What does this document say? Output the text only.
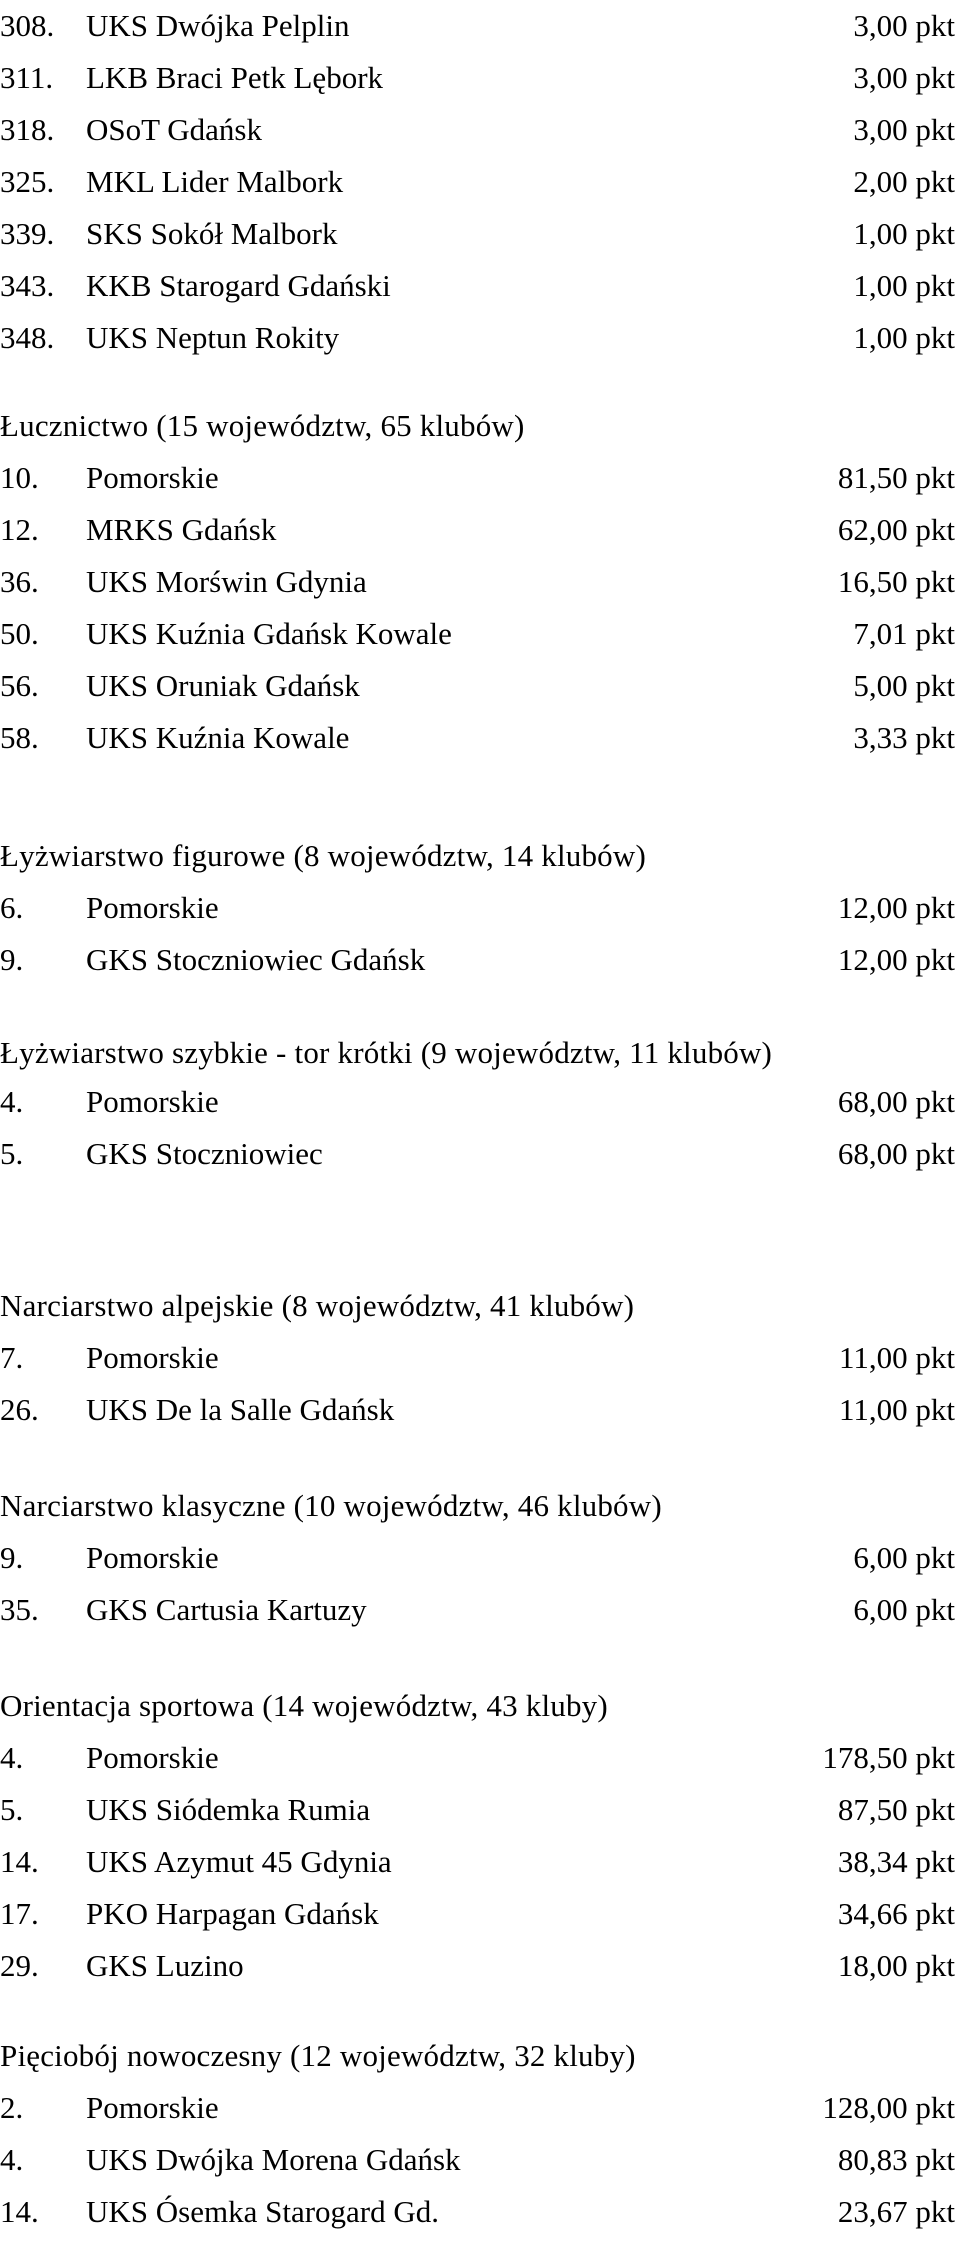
308.	UKS Dwójka Pelplin	3,00 pkt
311.	LKB Braci Petk Lębork	3,00 pkt
318.	OSoT Gdańsk	3,00 pkt
325.	MKL Lider Malbork	2,00 pkt
339.	SKS Sokół Malbork	1,00 pkt
343.	KKB Starogard Gdański	1,00 pkt
348.	UKS Neptun Rokity	1,00 pkt
Łucznictwo (15 województw, 65 klubów)
10.	Pomorskie	81,50 pkt
12.	MRKS Gdańsk	62,00 pkt
36.	UKS Morświn Gdynia	16,50 pkt
50.	UKS Kuźnia Gdańsk Kowale	7,01 pkt
56.	UKS Oruniak Gdańsk	5,00 pkt
58.	UKS Kuźnia Kowale	3,33 pkt
Łyżwiarstwo figurowe (8 województw, 14 klubów)
6.	Pomorskie	12,00 pkt
9.	GKS Stoczniowiec Gdańsk	12,00 pkt
Łyżwiarstwo szybkie - tor krótki (9 województw, 11 klubów)
4.	Pomorskie	68,00 pkt
5.	GKS Stoczniowiec	68,00 pkt
Narciarstwo alpejskie (8 województw, 41 klubów)
7.	Pomorskie	11,00 pkt
26.	UKS De la Salle Gdańsk	11,00 pkt
Narciarstwo klasyczne (10 województw, 46 klubów)
9.	Pomorskie	6,00 pkt
35.	GKS Cartusia Kartuzy	6,00 pkt
Orientacja sportowa (14 województw, 43 kluby)
4.	Pomorskie	178,50 pkt
5.	UKS Siódemka Rumia	87,50 pkt
14.	UKS Azymut 45 Gdynia	38,34 pkt
17.	PKO Harpagan Gdańsk	34,66 pkt
29.	GKS Luzino	18,00 pkt
Pięciobój nowoczesny (12 województw, 32 kluby)
2.	Pomorskie	128,00 pkt
4.	UKS Dwójka Morena Gdańsk	80,83 pkt
14.	UKS Ósemka Starogard Gd.	23,67 pkt
